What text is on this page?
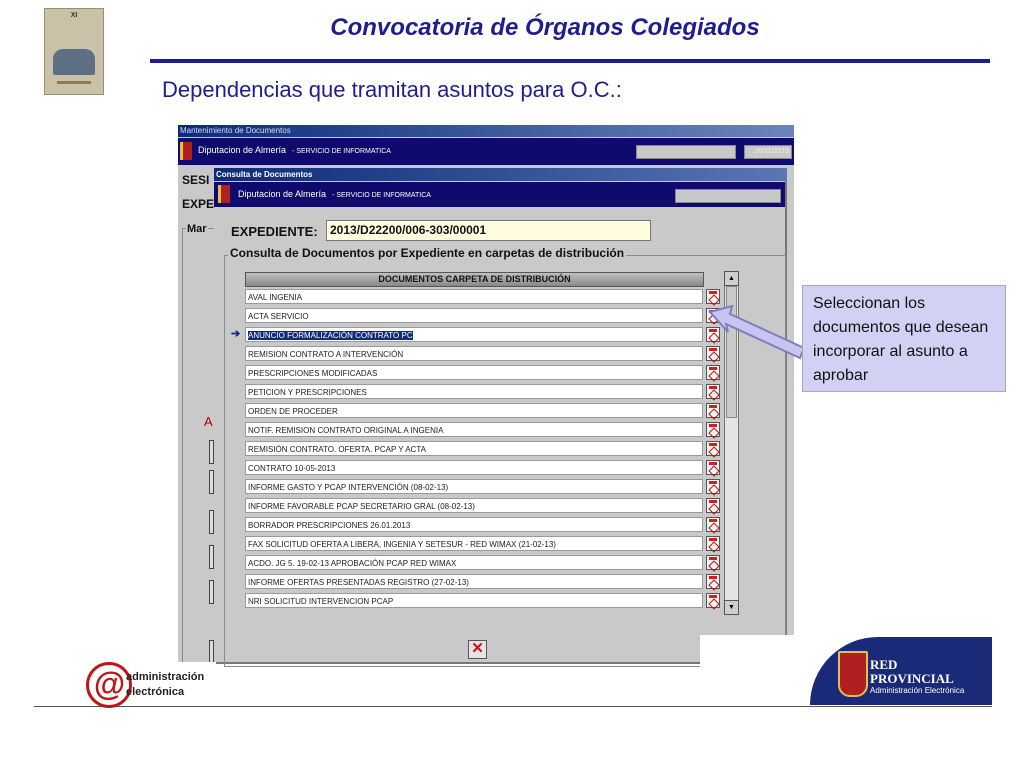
XI	Convocatoria de Órganos Colegiados
Dependencias que tramitan asuntos para O.C.:
Mantenimiento de Documentos
Diputacion de Almería - SERVICIO DE INFORMATICA	26/11/2013
SESI
EXPE
Mar
A
Consulta de Documentos
Diputacion de Almería - SERVICIO DE INFORMATICA
EXPEDIENTE:	2013/D22200/006-303/00001
Consulta de Documentos por Expediente en carpetas de distribución
DOCUMENTOS CARPETA DE DISTRIBUCIÓN
AVAL INGENIA
ACTA SERVICIO
ANUNCIO FORMALIZACIÓN CONTRATO PC
REMISION CONTRATO A INTERVENCIÓN
PRESCRIPCIONES MODIFICADAS
PETICION Y PRESCRIPCIONES
ORDEN DE PROCEDER
NOTIF. REMISION CONTRATO ORIGINAL A INGENIA
REMISIÓN CONTRATO. OFERTA. PCAP Y ACTA
CONTRATO 10-05-2013
INFORME GASTO Y PCAP INTERVENCIÓN (08-02-13)
INFORME FAVORABLE PCAP SECRETARIO GRAL (08-02-13)
BORRADOR PRESCRIPCIONES 26.01.2013
FAX SOLICITUD OFERTA A LIBERA, INGENIA Y SETESUR - RED WIMAX (21-02-13)
ACDO. JG 5. 19-02-13 APROBACIÓN PCAP RED WIMAX
INFORME OFERTAS PRESENTADAS REGISTRO (27-02-13)
NRI SOLICITUD INTERVENCION PCAP
➔
▲
▼
✕
Seleccionan los documentos que desean incorporar al asunto a aprobar
RED
PROVINCIAL
Administración Electrónica
@ administración
electrónica
